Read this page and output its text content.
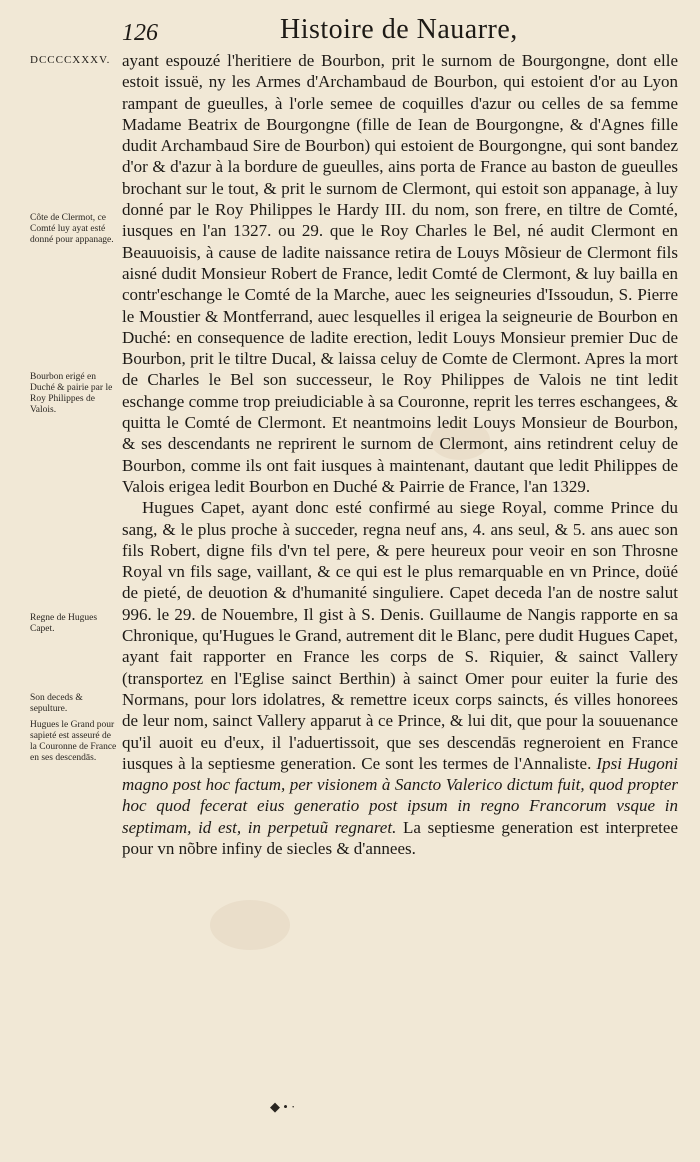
126	Histoire de Nauarre,
DCCCCXXXV.
Côte de Clermot, ce Comté luy ayat esté donné pour appanage.
Bourbon erigé en Duché & pairie par le Roy Philippes de Valois.
Regne de Hugues Capet.
Son deceds & sepulture.
Hugues le Grand pour sapieté est asseuré de la Couronne de France en ses descendās.

ayant espouzé l'heritiere de Bourbon, prit le surnom de Bourgongne, dont elle estoit issuë, ny les Armes d'Archambaud de Bourbon, qui estoient d'or au Lyon rampant de gueulles, à l'orle semee de coquilles d'azur ou celles de sa femme Madame Beatrix de Bourgongne (fille de Iean de Bourgongne, & d'Agnes fille dudit Archambaud Sire de Bourbon) qui estoient de Bourgongne, qui sont bandez d'or & d'azur à la bordure de gueulles, ains porta de France au baston de gueulles brochant sur le tout, & prit le surnom de Clermont, qui estoit son appanage, à luy donné par le Roy Philippes le Hardy III. du nom, son frere, en tiltre de Comté, iusques en l'an 1327. ou 29. que le Roy Charles le Bel, né audit Clermont en Beauuoisis, à cause de ladite naissance retira de Louys Mõsieur de Clermont fils aisné dudit Monsieur Robert de France, ledit Comté de Clermont, & luy bailla en contr'eschange le Comté de la Marche, auec les seigneuries d'Issoudun, S. Pierre le Moustier & Montferrand, auec lesquelles il erigea la seigneurie de Bourbon en Duché: en consequence de ladite erection, ledit Louys Monsieur premier Duc de Bourbon, prit le tiltre Ducal, & laissa celuy de Comte de Clermont. Apres la mort de Charles le Bel son successeur, le Roy Philippes de Valois ne tint ledit eschange comme trop preiudiciable à sa Couronne, reprit les terres eschangees, & quitta le Comté de Clermont. Et neantmoins ledit Louys Monsieur de Bourbon, & ses descendants ne reprirent le surnom de Clermont, ains retindrent celuy de Bourbon, comme ils ont fait iusques à maintenant, dautant que ledit Philippes de Valois erigea ledit Bourbon en Duché & Pairrie de France, l'an 1329.

Hugues Capet, ayant donc esté confirmé au siege Royal, comme Prince du sang, & le plus proche à succeder, regna neuf ans, 4. ans seul, & 5. ans auec son fils Robert, digne fils d'vn tel pere, & pere heureux pour veoir en son Throsne Royal vn fils sage, vaillant, & ce qui est le plus remarquable en vn Prince, doüé de pieté, de deuotion & d'humanité singuliere. Capet deceda l'an de nostre salut 996. le 29. de Nouembre, Il gist à S. Denis. Guillaume de Nangis rapporte en sa Chronique, qu'Hugues le Grand, autrement dit le Blanc, pere dudit Hugues Capet, ayant fait rapporter en France les corps de S. Riquier, & sainct Vallery (transportez en l'Eglise sainct Berthin) à sainct Omer pour euiter la furie des Normans, pour lors idolatres, & remettre iceux corps saincts, és villes honorees de leur nom, sainct Vallery apparut à ce Prince, & lui dit, que pour la souuenance qu'il auoit eu d'eux, il l'aduertissoit, que ses descendās regneroient en France iusques à la septiesme generation. Ce sont les termes de l'Annaliste. Ipsi Hugoni magno post hoc factum, per visionem à Sancto Valerico dictum fuit, quod propter hoc quod fecerat eius generatio post ipsum in regno Francorum vsque in septimam, id est, in perpetuũ regnaret. La septiesme generation est interpretee pour vn nõbre infiny de siecles & d'annees.

◆ • ·
